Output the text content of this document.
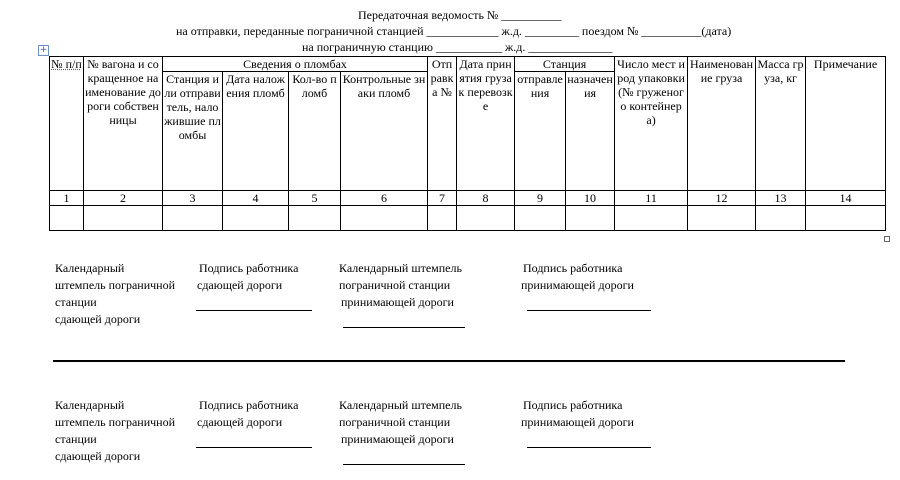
Передаточная ведомость № __________
на отправки, переданные пограничной станцией ____________ ж.д. _________ поездом № __________(дата)
на пограничную станцию ___________ ж.д. ______________
+
№ п/п	№ вагона и сокращенное наименование дороги собственницы	Сведения о пломбах				Отправка №	Дата принятия груза к перевозке	Станция		Число мест и род упаковки (№ груженого контейнера)	Наименование груза	Масса груза, кг	Примечание
		Станция или отправитель, наложившие пломбы	Дата наложения пломб	Кол-во пломб	Контрольные знаки пломб			отправления	назначения				
1	2	3	4	5	6	7	8	9	10	11	12	13	14

Календарный
штемпель пограничной
станции
сдающей дороги
Подпись работника
сдающей дороги
Календарный штемпель
пограничной станции
принимающей дороги
Подпись работника
принимающей дороги
Календарный
штемпель пограничной
станции
сдающей дороги
Подпись работника
сдающей дороги
Календарный штемпель
пограничной станции
принимающей дороги
Подпись работника
принимающей дороги
